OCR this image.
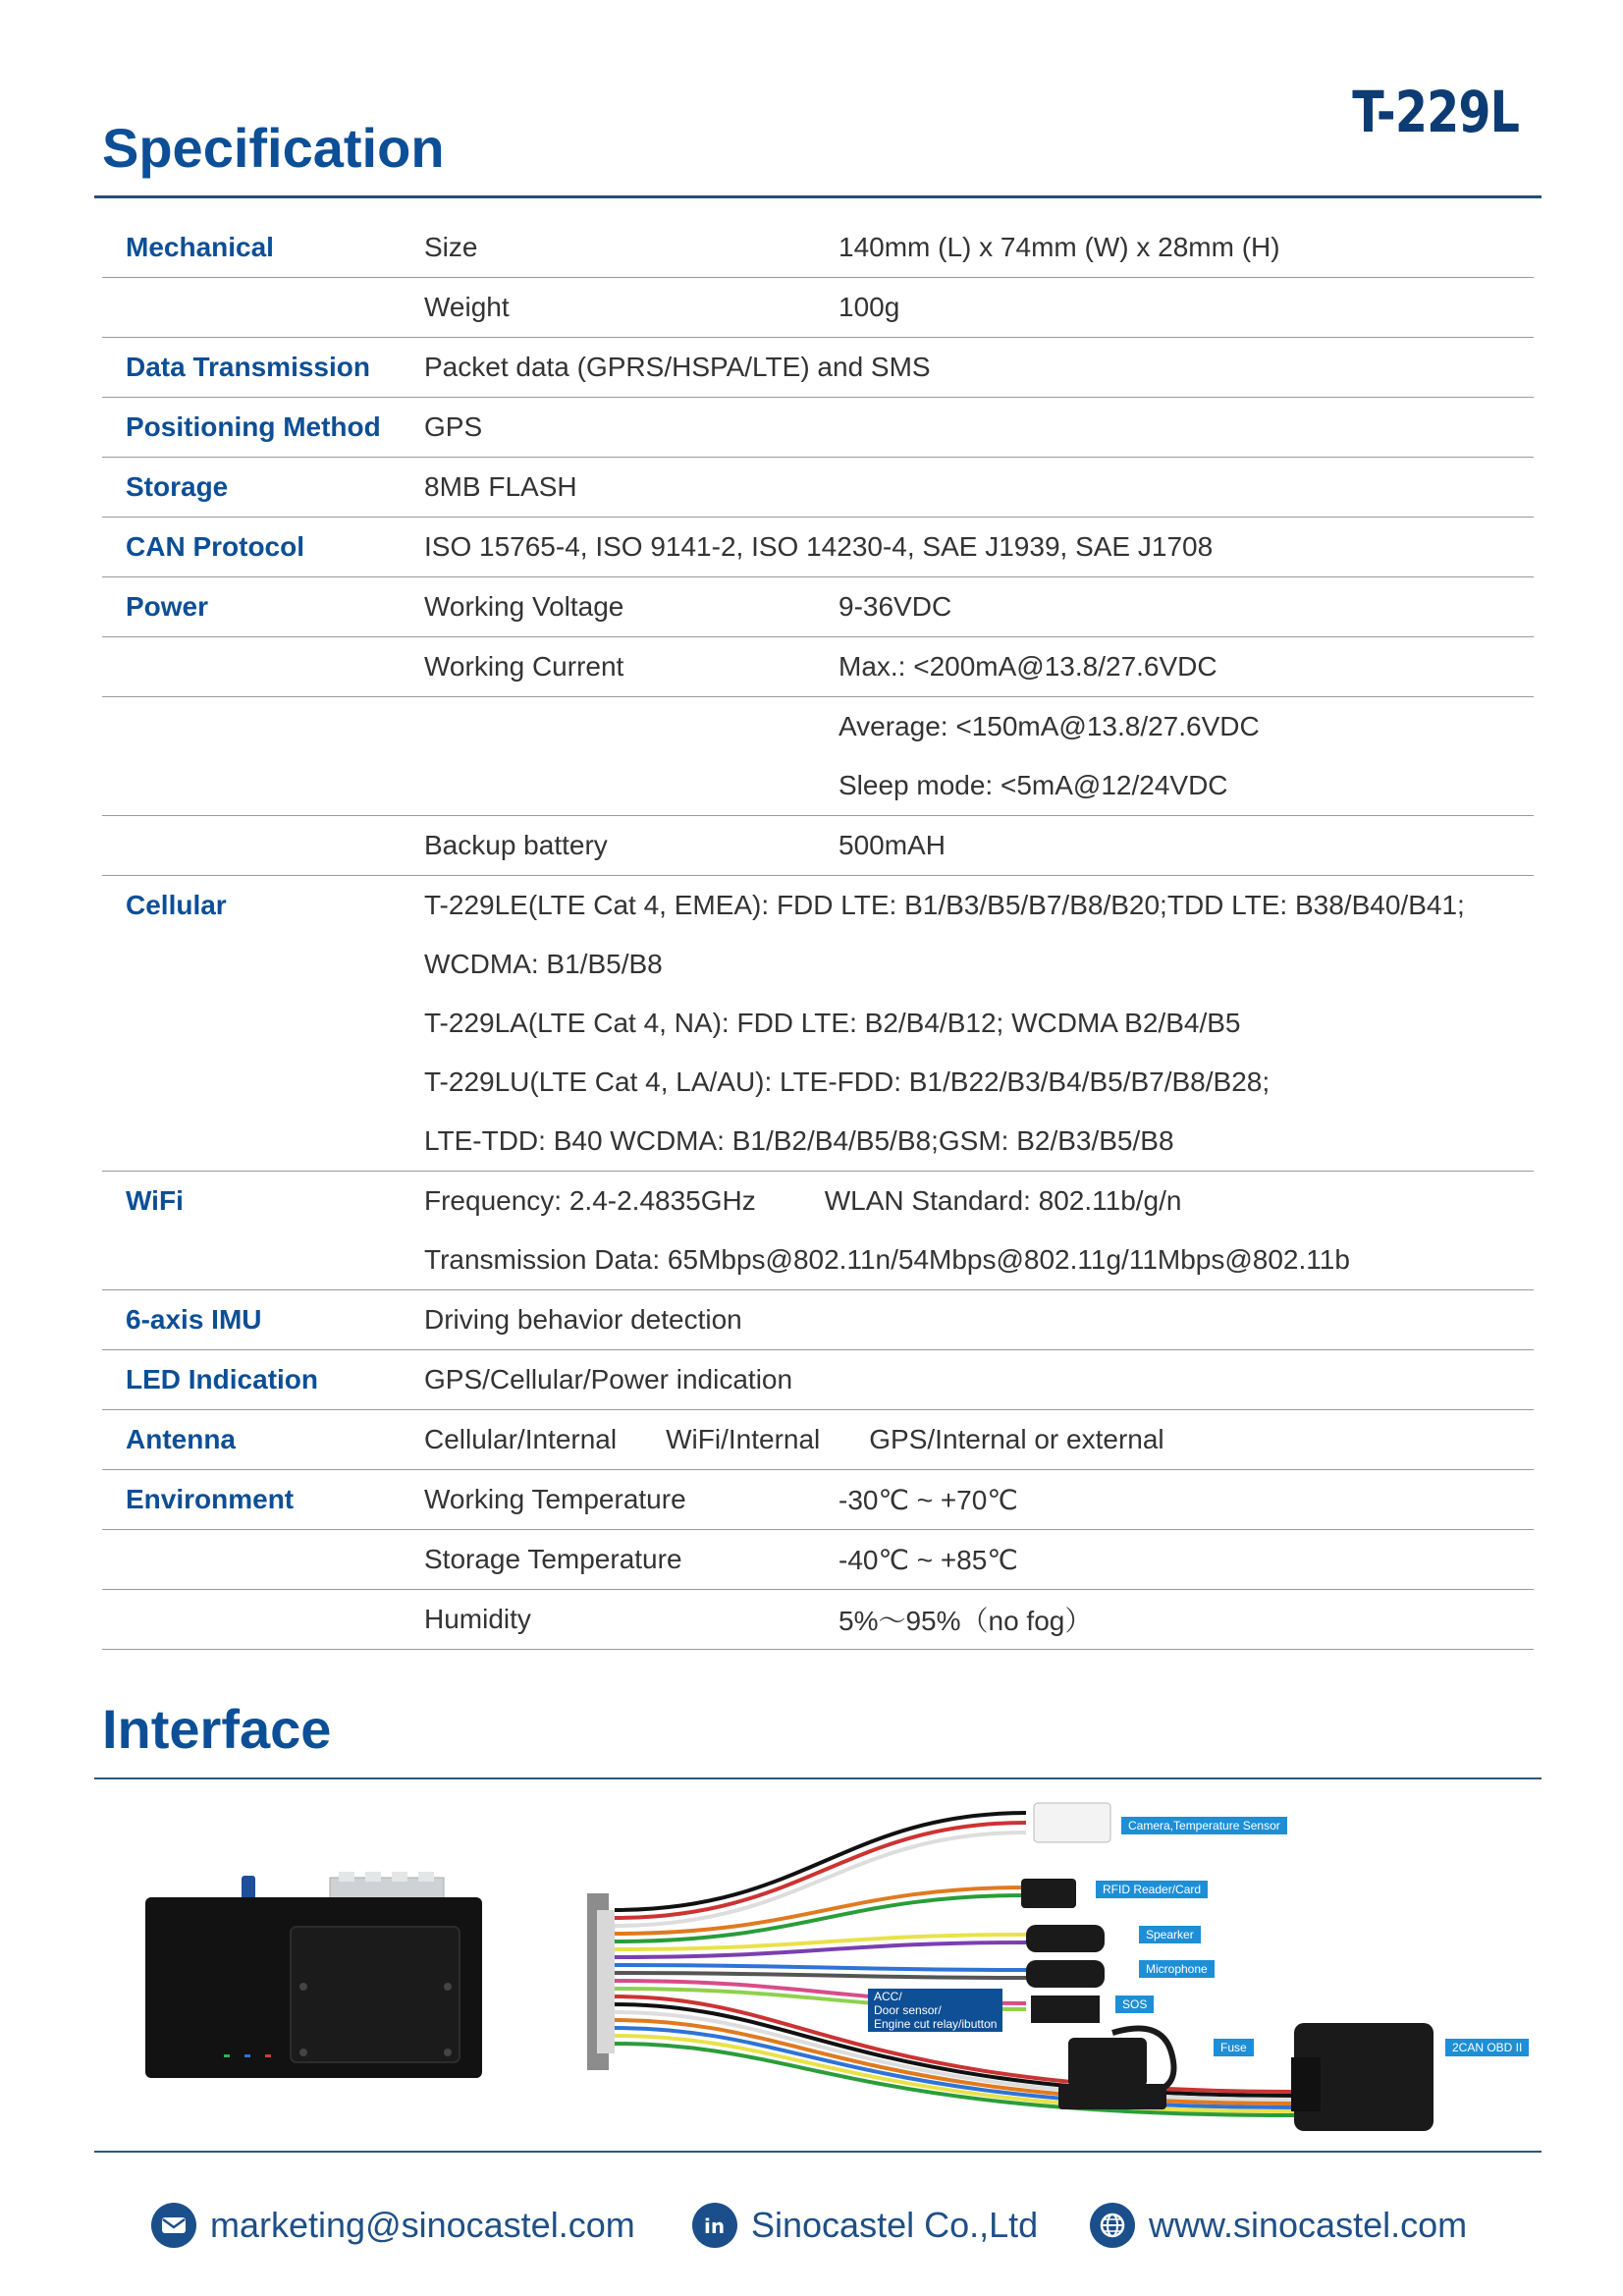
T-229L
Specification
Mechanical	Size	140mm (L) x 74mm (W) x 28mm (H)
	Weight	100g
Data Transmission	Packet data (GPRS/HSPA/LTE) and SMS	
Positioning Method	GPS	
Storage	8MB FLASH	
CAN Protocol	ISO 15765-4, ISO 9141-2, ISO 14230-4, SAE J1939, SAE J1708	
Power	Working Voltage	9-36VDC
	Working Current	Max.: <200mA@13.8/27.6VDC
		Average: <150mA@13.8/27.6VDC
		Sleep mode: <5mA@12/24VDC
	Backup battery	500mAH
Cellular	T-229LE(LTE Cat 4, EMEA): FDD LTE: B1/B3/B5/B7/B8/B20;TDD LTE: B38/B40/B41;	
	WCDMA: B1/B5/B8	
	T-229LA(LTE Cat 4, NA): FDD LTE: B2/B4/B12; WCDMA B2/B4/B5	
	T-229LU(LTE Cat 4, LA/AU): LTE-FDD: B1/B22/B3/B4/B5/B7/B8/B28;	
	LTE-TDD: B40 WCDMA: B1/B2/B4/B5/B8;GSM: B2/B3/B5/B8	
WiFi	Frequency: 2.4-2.4835GHz WLAN Standard: 802.11b/g/n	
	Transmission Data: 65Mbps@802.11n/54Mbps@802.11g/11Mbps@802.11b	
6-axis IMU	Driving behavior detection	
LED Indication	GPS/Cellular/Power indication	
Antenna	Cellular/Internal WiFi/Internal GPS/Internal or external	
Environment	Working Temperature	-30℃ ~ +70℃
	Storage Temperature	-40℃ ~ +85℃
	Humidity	5%～95%（no fog）
Interface
Camera,Temperature Sensor
RFID Reader/Card
Spearker
Microphone
SOS
ACC/
Door sensor/
Engine cut relay/ibutton
Fuse	2CAN OBD II
marketing@sinocastel.com	in Sinocastel Co.,Ltd	www.sinocastel.com
